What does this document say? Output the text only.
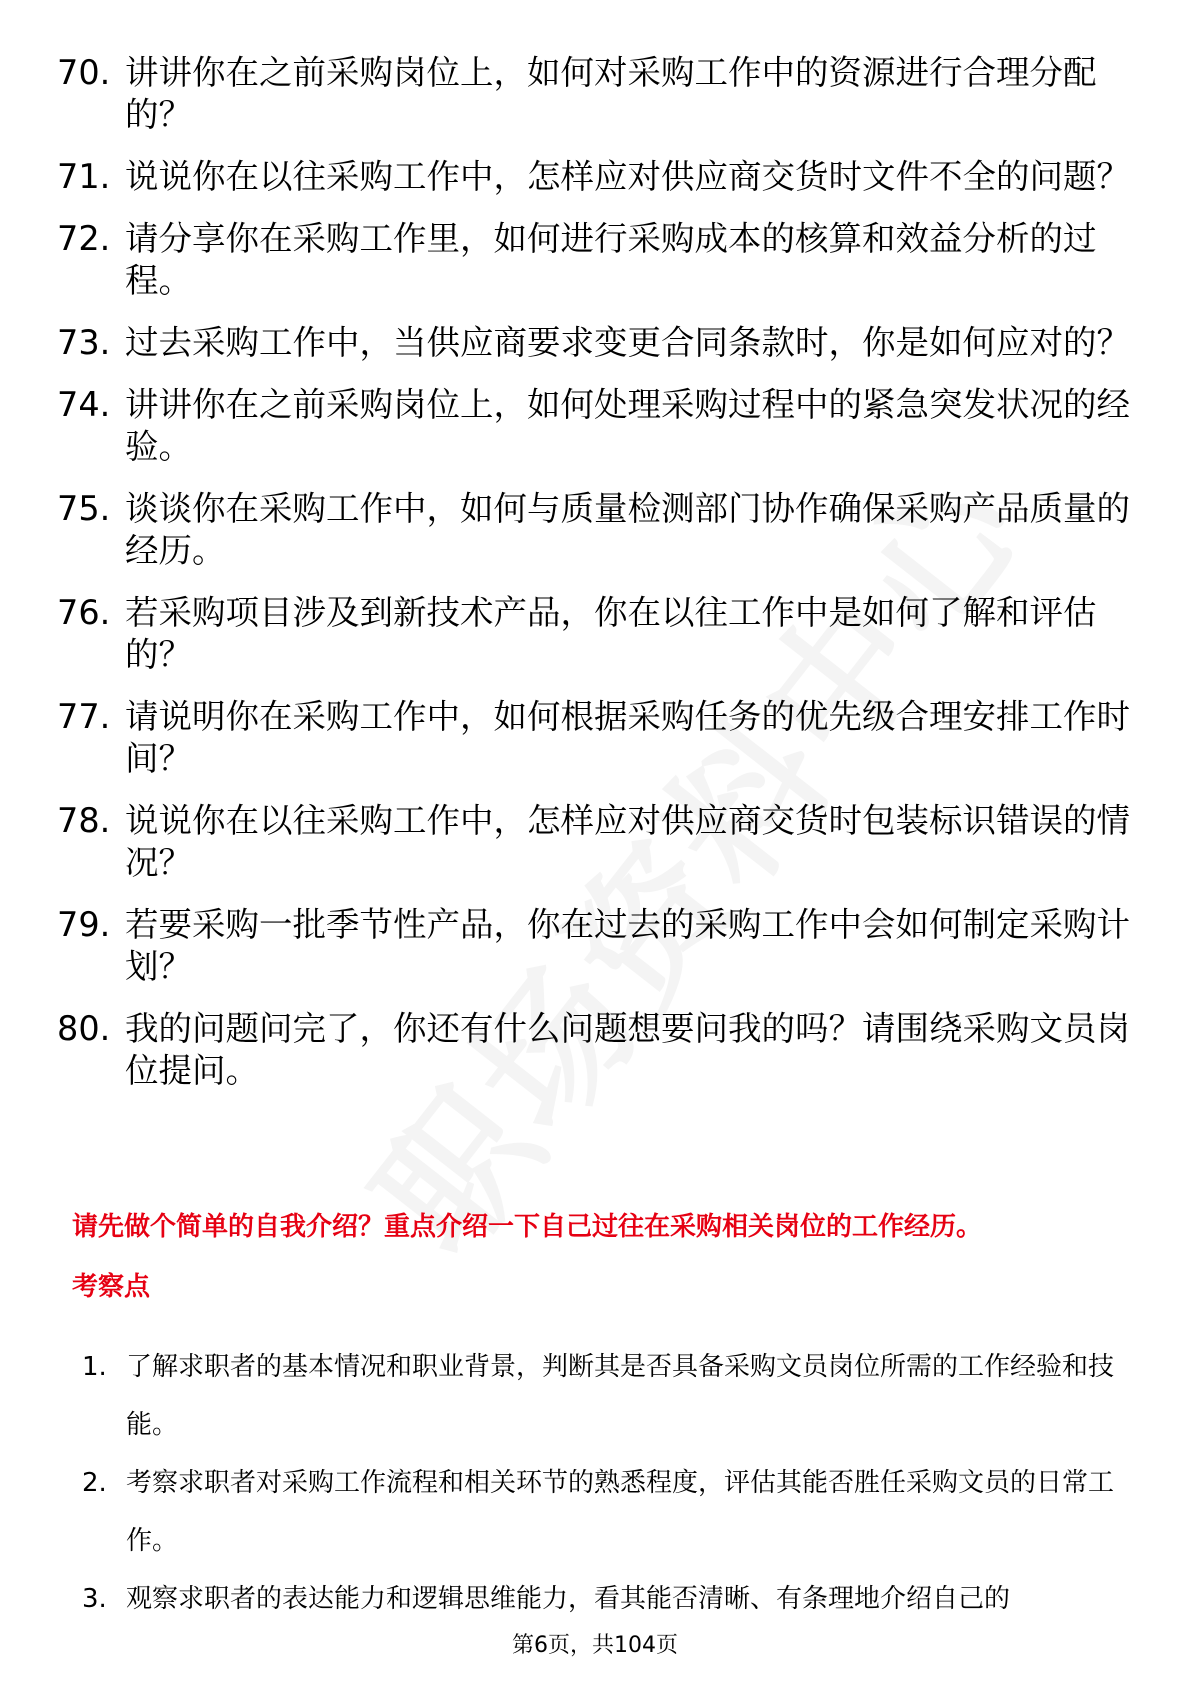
70. 讲讲你在之前采购岗位上，如何对采购工作中的资源进行合理分配的？
71. 说说你在以往采购工作中，怎样应对供应商交货时文件不全的问题？
72. 请分享你在采购工作里，如何进行采购成本的核算和效益分析的过程。
73. 过去采购工作中，当供应商要求变更合同条款时，你是如何应对的？
74. 讲讲你在之前采购岗位上，如何处理采购过程中的紧急突发状况的经验。
75. 谈谈你在采购工作中，如何与质量检测部门协作确保采购产品质量的经历。
76. 若采购项目涉及到新技术产品，你在以往工作中是如何了解和评估的？
77. 请说明你在采购工作中，如何根据采购任务的优先级合理安排工作时间？
78. 说说你在以往采购工作中，怎样应对供应商交货时包装标识错误的情况？
79. 若要采购一批季节性产品，你在过去的采购工作中会如何制定采购计划？
80. 我的问题问完了，你还有什么问题想要问我的吗？请围绕采购文员岗位提问。
请先做个简单的自我介绍？重点介绍一下自己过往在采购相关岗位的工作经历。
考察点
1. 了解求职者的基本情况和职业背景，判断其是否具备采购文员岗位所需的工作经验和技能。
2. 考察求职者对采购工作流程和相关环节的熟悉程度，评估其能否胜任采购文员的日常工作。
3. 观察求职者的表达能力和逻辑思维能力，看其能否清晰、有条理地介绍自己的
第6页，共104页
